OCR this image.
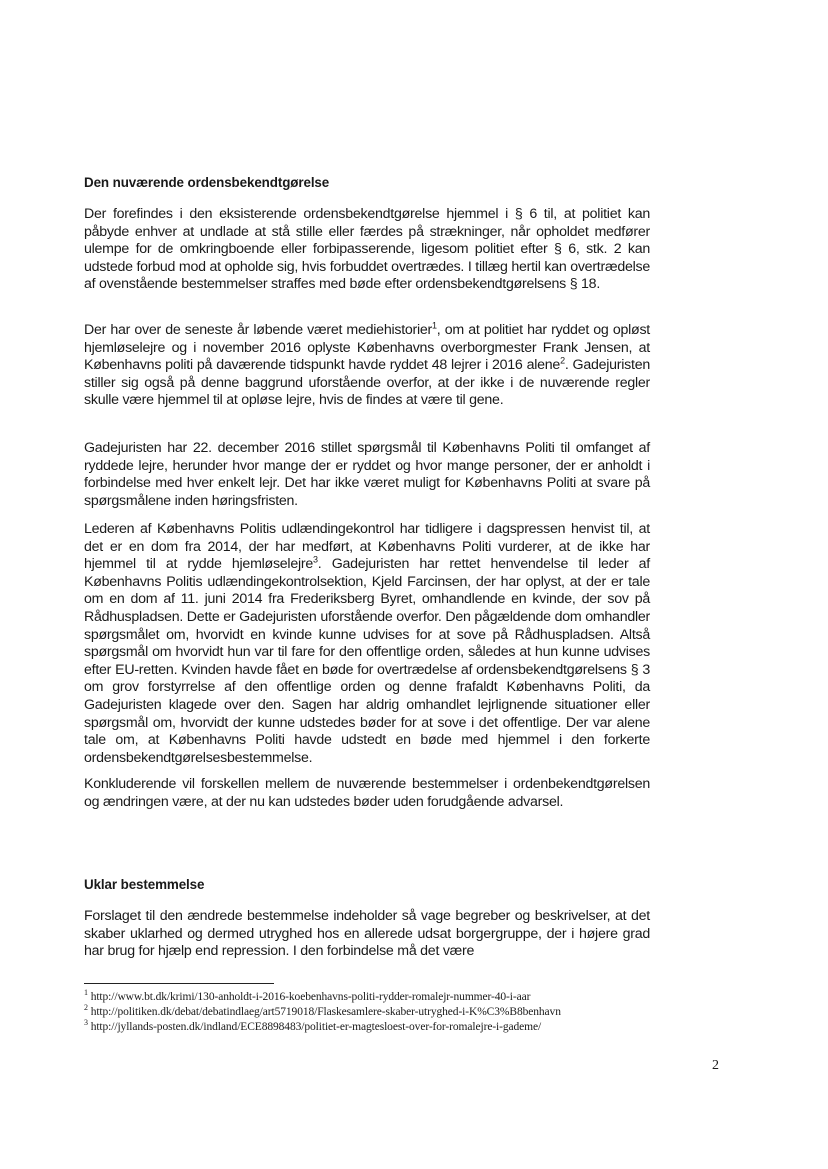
Den nuværende ordensbekendtgørelse

Der forefindes i den eksisterende ordensbekendtgørelse hjemmel i § 6 til, at politiet kan påbyde enhver at undlade at stå stille eller færdes på strækninger, når opholdet medfører ulempe for de omkringboende eller forbipasserende, ligesom politiet efter § 6, stk. 2 kan udstede forbud mod at opholde sig, hvis forbuddet overtrædes. I tillæg hertil kan overtrædelse af ovenstående bestemmelser straffes med bøde efter ordensbekendtgørelsens § 18.

Der har over de seneste år løbende været mediehistorier$^1$, om at politiet har ryddet og opløst hjemløselejre og i november 2016 oplyste Københavns overborgmester Frank Jensen, at Københavns politi på daværende tidspunkt havde ryddet 48 lejrer i 2016 alene$^2$. Gadejuristen stiller sig også på denne baggrund uforstående overfor, at der ikke i de nuværende regler skulle være hjemmel til at opløse lejre, hvis de findes at være til gene.

Gadejuristen har 22. december 2016 stillet spørgsmål til Københavns Politi til omfanget af ryddede lejre, herunder hvor mange der er ryddet og hvor mange personer, der er anholdt i forbindelse med hver enkelt lejr. Det har ikke været muligt for Københavns Politi at svare på spørgsmålene inden høringsfristen.

Lederen af Københavns Politis udlændingekontrol har tidligere i dagspressen henvist til, at det er en dom fra 2014, der har medført, at Københavns Politi vurderer, at de ikke har hjemmel til at rydde hjemløselejre$^3$. Gadejuristen har rettet henvendelse til leder af Københavns Politis udlændingekontrolsektion, Kjeld Farcinsen, der har oplyst, at der er tale om en dom af 11. juni 2014 fra Frederiksberg Byret, omhandlende en kvinde, der sov på Rådhuspladsen. Dette er Gadejuristen uforstående overfor. Den pågældende dom omhandler spørgsmålet om, hvorvidt en kvinde kunne udvises for at sove på Rådhuspladsen. Altså spørgsmål om hvorvidt hun var til fare for den offentlige orden, således at hun kunne udvises efter EU-retten. Kvinden havde fået en bøde for overtrædelse af ordensbekendtgørelsens § 3 om grov forstyrrelse af den offentlige orden og denne frafaldt Københavns Politi, da Gadejuristen klagede over den. Sagen har aldrig omhandlet lejrlignende situationer eller spørgsmål om, hvorvidt der kunne udstedes bøder for at sove i det offentlige. Der var alene tale om, at Københavns Politi havde udstedt en bøde med hjemmel i den forkerte ordensbekendtgørelsesbestemmelse.

Konkluderende vil forskellen mellem de nuværende bestemmelser i ordenbekendtgørelsen og ændringen være, at der nu kan udstedes bøder uden forudgående advarsel.

Uklar bestemmelse

Forslaget til den ændrede bestemmelse indeholder så vage begreber og beskrivelser, at det skaber uklarhed og dermed utryghed hos en allerede udsat borgergruppe, der i højere grad har brug for hjælp end repression. I den forbindelse må det være

$^1$ http://www.bt.dk/krimi/130-anholdt-i-2016-koebenhavns-politi-rydder-romalejr-nummer-40-i-aar

$^2$ http://politiken.dk/debat/debatindlaeg/art5719018/Flaskesamlere-skaber-utryghed-i-K%C3%B8benhavn

$^3$ http://jyllands-posten.dk/indland/ECE8898483/politiet-er-magtesloest-over-for-romalejre-i-gademe/

2
